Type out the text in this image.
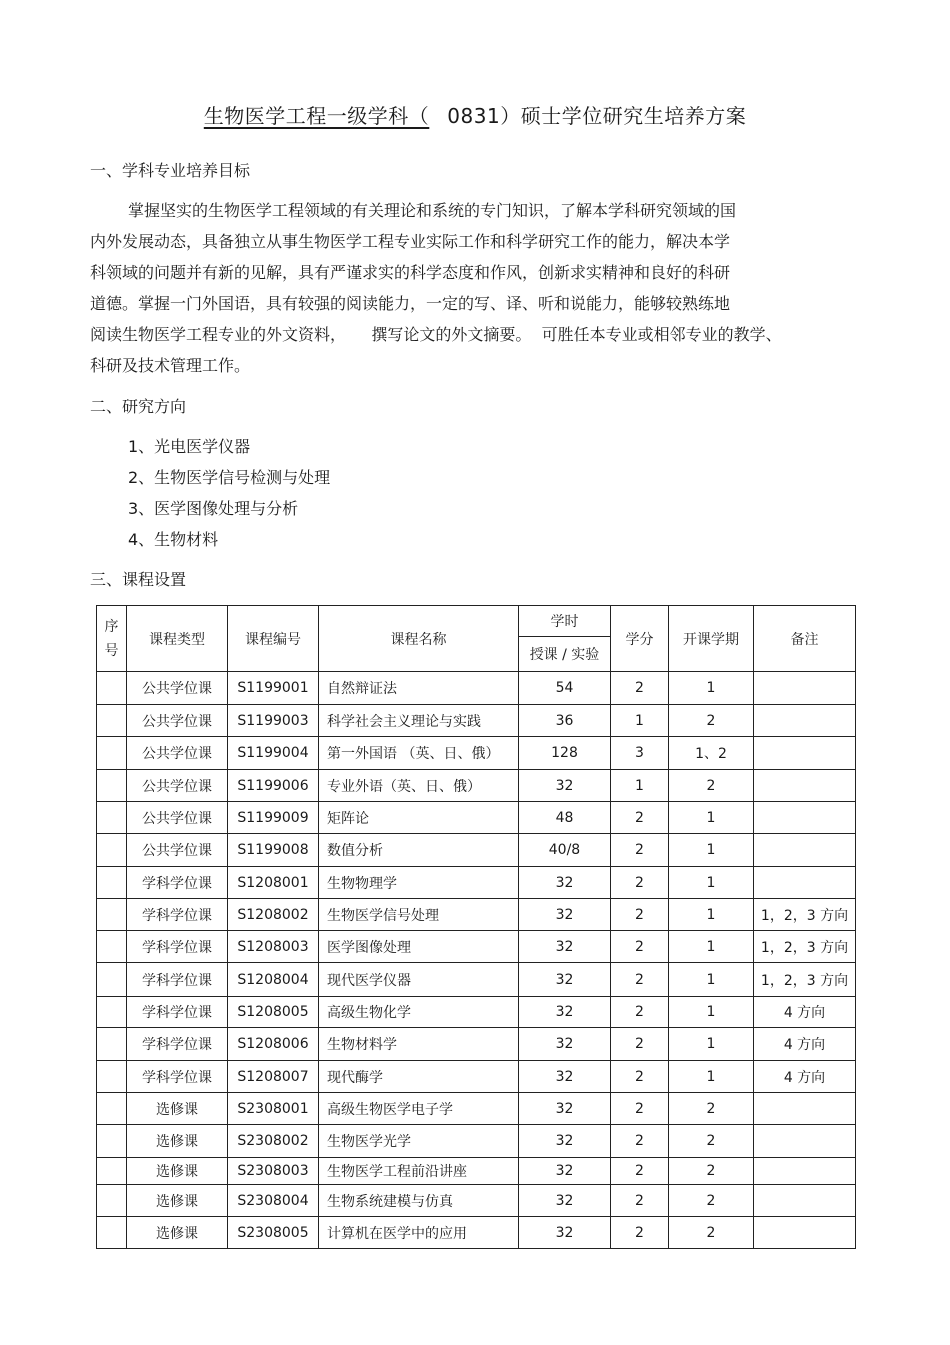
生物医学工程一级学科（ 0831）硕士学位研究生培养方案
一、学科专业培养目标
掌握坚实的生物医学工程领域的有关理论和系统的专门知识，了解本学科研究领域的国
内外发展动态，具备独立从事生物医学工程专业实际工作和科学研究工作的能力，解决本学
科领域的问题并有新的见解，具有严谨求实的科学态度和作风，创新求实精神和良好的科研
道德。掌握一门外国语，具有较强的阅读能力，一定的写、译、听和说能力，能够较熟练地
阅读生物医学工程专业的外文资料，     撰写论文的外文摘要。  可胜任本专业或相邻专业的教学、
科研及技术管理工作。
二、研究方向
1、光电医学仪器
2、生物医学信号检测与处理
3、医学图像处理与分析
4、生物材料
三、课程设置
序号	课程类型	课程编号	课程名称	学时	学分	开课学期	备注
				授课 / 实验			
	公共学位课	S1199001	自然辩证法	54	2	1	
	公共学位课	S1199003	科学社会主义理论与实践	36	1	2	
	公共学位课	S1199004	第一外国语 （英、日、俄）	128	3	1、2	
	公共学位课	S1199006	专业外语（英、日、俄）	32	1	2	
	公共学位课	S1199009	矩阵论	48	2	1	
	公共学位课	S1199008	数值分析	40/8	2	1	
	学科学位课	S1208001	生物物理学	32	2	1	
	学科学位课	S1208002	生物医学信号处理	32	2	1	1，2，3 方向
	学科学位课	S1208003	医学图像处理	32	2	1	1，2，3 方向
	学科学位课	S1208004	现代医学仪器	32	2	1	1，2，3 方向
	学科学位课	S1208005	高级生物化学	32	2	1	4 方向
	学科学位课	S1208006	生物材料学	32	2	1	4 方向
	学科学位课	S1208007	现代酶学	32	2	1	4 方向
	选修课	S2308001	高级生物医学电子学	32	2	2	
	选修课	S2308002	生物医学光学	32	2	2	
	选修课	S2308003	生物医学工程前沿讲座	32	2	2	
	选修课	S2308004	生物系统建模与仿真	32	2	2	
	选修课	S2308005	计算机在医学中的应用	32	2	2	
